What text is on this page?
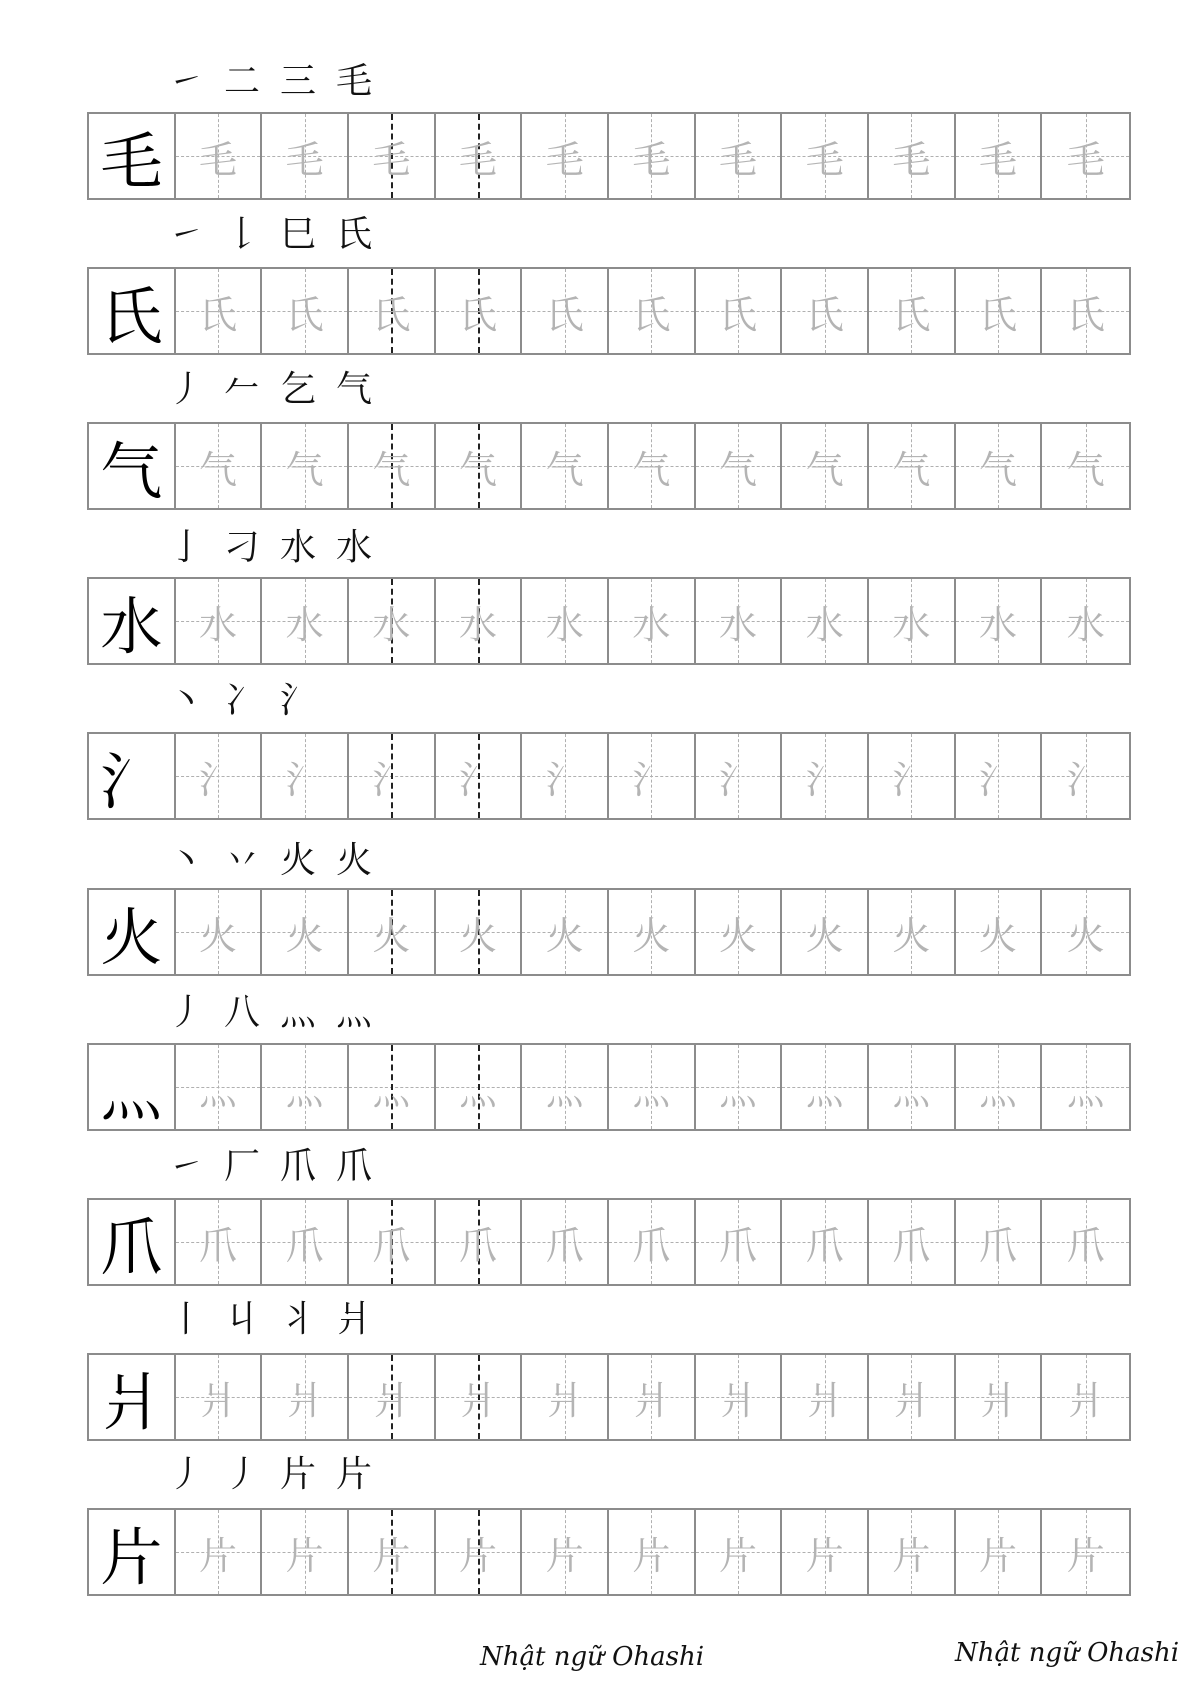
㇀ 二 三 毛
毛 毛 毛 毛 毛 毛 毛 毛 毛 毛 毛 毛
㇀ 𠄌 巳 氏
氏 氏 氏 氏 氏 氏 氏 氏 氏 氏 氏 氏
丿 𠂉 乞 气
气 气 气 气 气 气 气 气 气 气 气 气
亅 刁 水 水
水 水 水 水 水 水 水 水 水 水 水 水
丶 冫 氵
氵 氵 氵 氵 氵 氵 氵 氵 氵 氵 氵 氵
丶 丷 火 火
火 火 火 火 火 火 火 火 火 火 火 火
丿 八 灬 灬
灬 灬 灬 灬 灬 灬 灬 灬 灬 灬 灬 灬
㇀ 厂 爪 爪
爪 爪 爪 爪 爪 爪 爪 爪 爪 爪 爪 爪
丨 丩 丬 爿
爿 爿 爿 爿 爿 爿 爿 爿 爿 爿 爿 爿
丿 丿 片 片
片 片 片 片 片 片 片 片 片 片 片 片
Nhật ngữ Ohashi	Nhật ngữ Ohashi
